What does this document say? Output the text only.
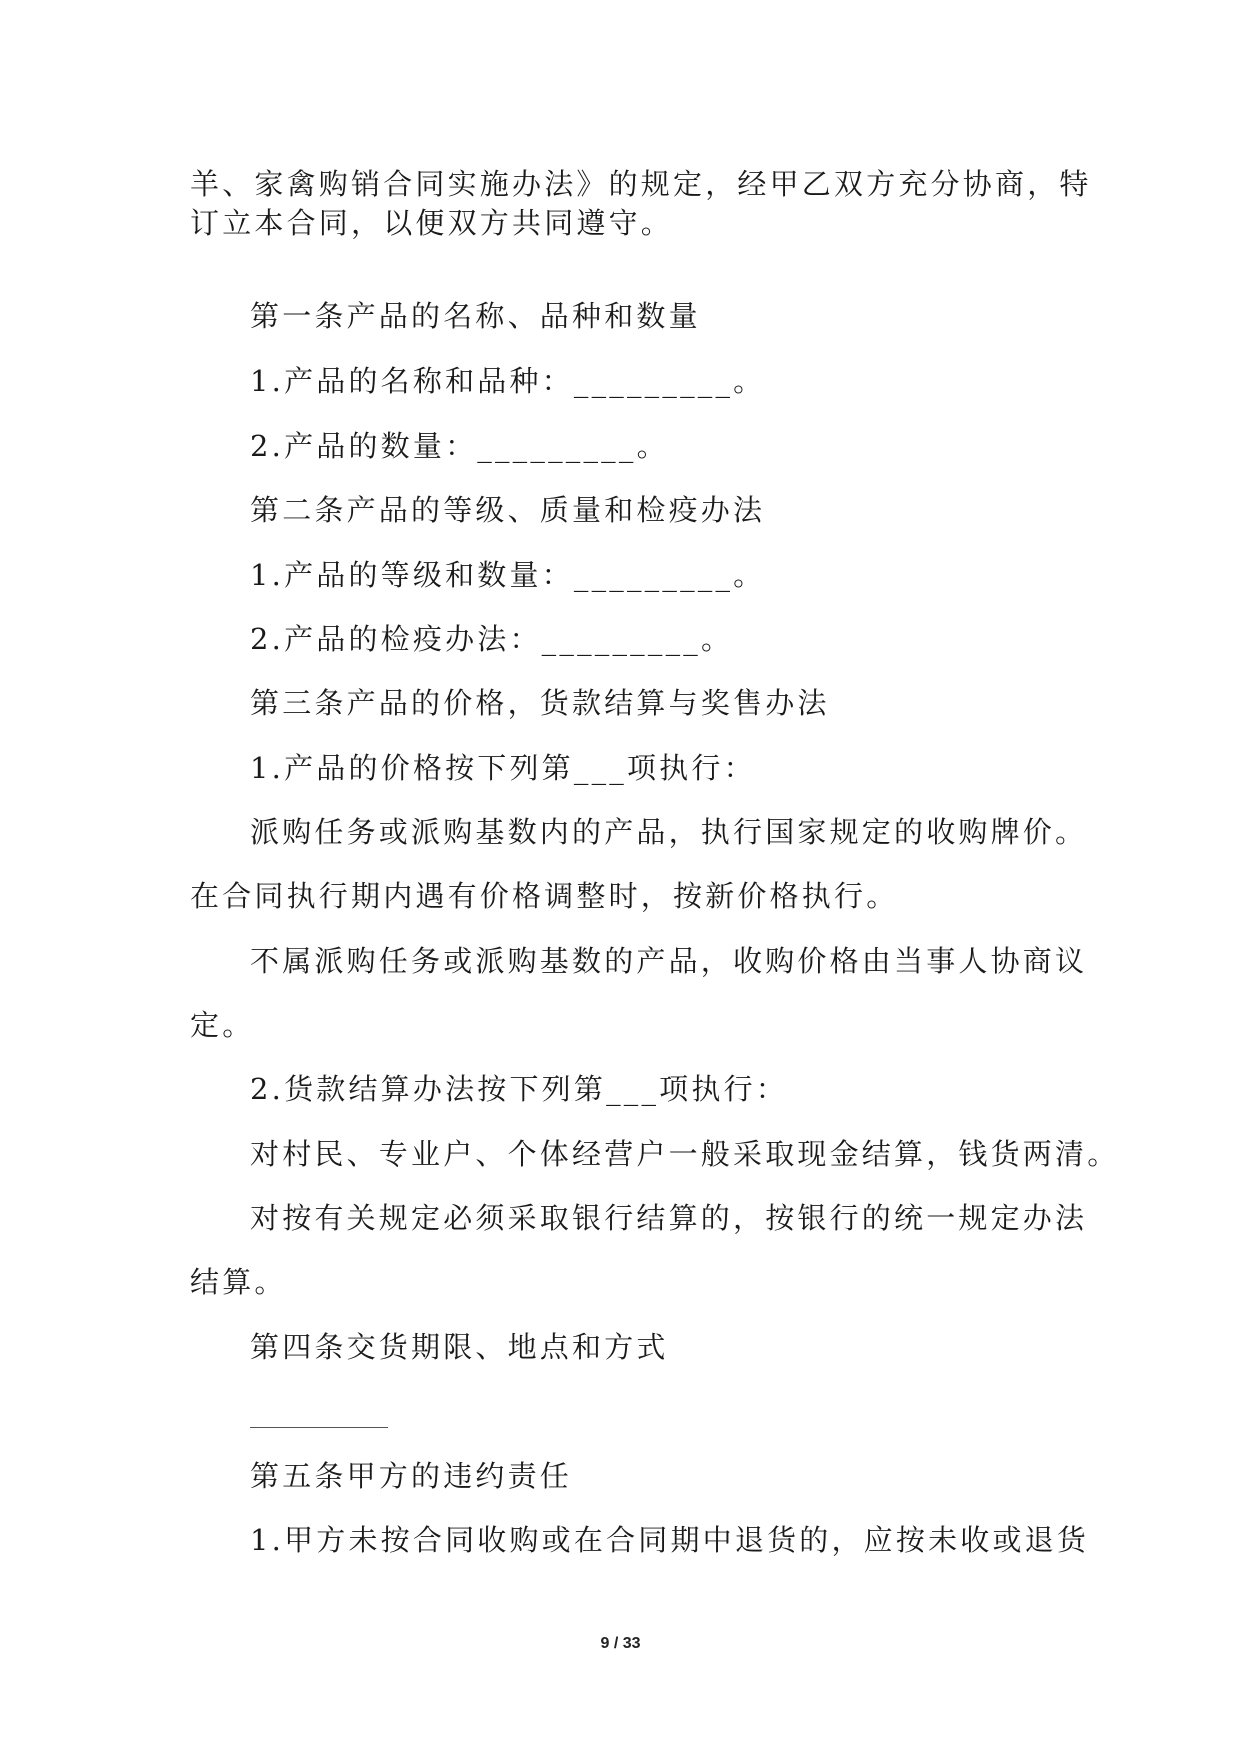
羊、家禽购销合同实施办法》的规定，经甲乙双方充分协商，特
订立本合同，以便双方共同遵守。
第一条产品的名称、品种和数量
1.产品的名称和品种：_________。
2.产品的数量：_________。
第二条产品的等级、质量和检疫办法
1.产品的等级和数量：_________。
2.产品的检疫办法：_________。
第三条产品的价格，货款结算与奖售办法
1.产品的价格按下列第___项执行：
派购任务或派购基数内的产品，执行国家规定的收购牌价。
在合同执行期内遇有价格调整时，按新价格执行。
不属派购任务或派购基数的产品，收购价格由当事人协商议
定。
2.货款结算办法按下列第___项执行：
对村民、专业户、个体经营户一般采取现金结算，钱货两清。
对按有关规定必须采取银行结算的，按银行的统一规定办法
结算。
第四条交货期限、地点和方式
第五条甲方的违约责任
1.甲方未按合同收购或在合同期中退货的，应按未收或退货
9 / 33
